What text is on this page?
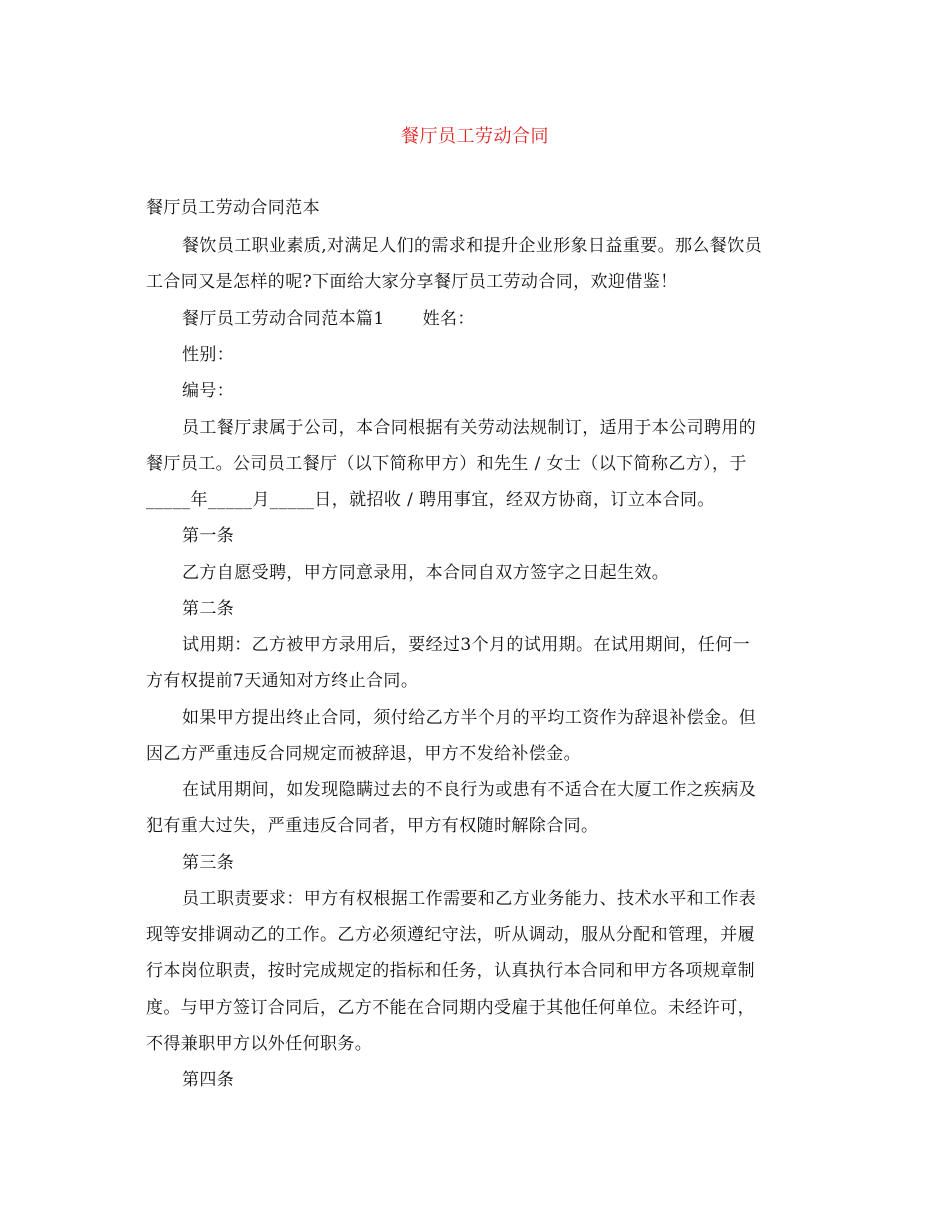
餐厅员工劳动合同
餐厅员工劳动合同范本
餐饮员工职业素质,对满足人们的需求和提升企业形象日益重要。那么餐饮员
工合同又是怎样的呢?下面给大家分享餐厅员工劳动合同，欢迎借鉴！
餐厅员工劳动合同范本篇1 姓名：
性别：
编号：
员工餐厅隶属于公司，本合同根据有关劳动法规制订，适用于本公司聘用的
餐厅员工。公司员工餐厅（以下简称甲方）和先生 / 女士（以下简称乙方），于
_____年_____月_____日，就招收 / 聘用事宜，经双方协商，订立本合同。
第一条
乙方自愿受聘，甲方同意录用，本合同自双方签字之日起生效。
第二条
试用期：乙方被甲方录用后，要经过3个月的试用期。在试用期间，任何一
方有权提前7天通知对方终止合同。
如果甲方提出终止合同，须付给乙方半个月的平均工资作为辞退补偿金。但
因乙方严重违反合同规定而被辞退，甲方不发给补偿金。
在试用期间，如发现隐瞒过去的不良行为或患有不适合在大厦工作之疾病及
犯有重大过失，严重违反合同者，甲方有权随时解除合同。
第三条
员工职责要求：甲方有权根据工作需要和乙方业务能力、技术水平和工作表
现等安排调动乙的工作。乙方必须遵纪守法，听从调动，服从分配和管理，并履
行本岗位职责，按时完成规定的指标和任务，认真执行本合同和甲方各项规章制
度。与甲方签订合同后，乙方不能在合同期内受雇于其他任何单位。未经许可，
不得兼职甲方以外任何职务。
第四条
